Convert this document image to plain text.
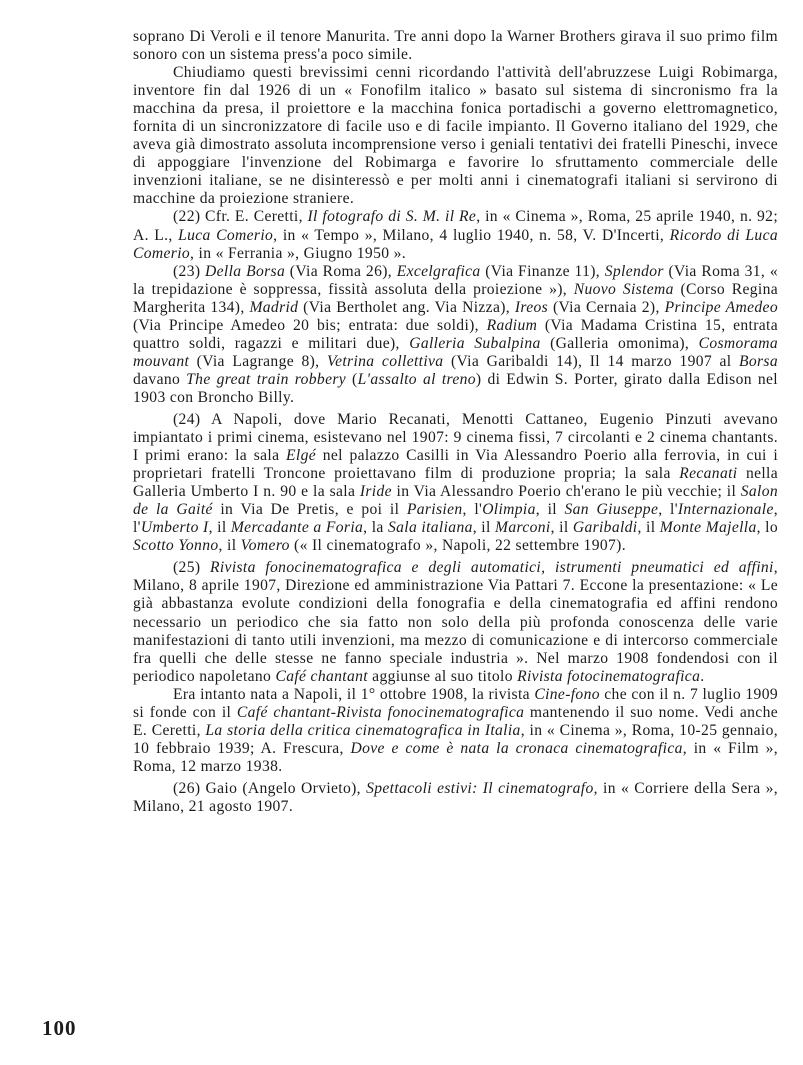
soprano Di Veroli e il tenore Manurita. Tre anni dopo la Warner Brothers girava il suo primo film sonoro con un sistema press'a poco simile.

Chiudiamo questi brevissimi cenni ricordando l'attività dell'abruzzese Luigi Robimarga, inventore fin dal 1926 di un « Fonofilm italico » basato sul sistema di sincronismo fra la macchina da presa, il proiettore e la macchina fonica portadischi a governo elettromagnetico, fornita di un sincronizzatore di facile uso e di facile impianto. Il Governo italiano del 1929, che aveva già dimostrato assoluta incomprensione verso i geniali tentativi dei fratelli Pineschi, invece di appoggiare l'invenzione del Robimarga e favorire lo sfruttamento commerciale delle invenzioni italiane, se ne disinteressò e per molti anni i cinematografi italiani si servirono di macchine da proiezione straniere.

(22) Cfr. E. Ceretti, Il fotografo di S. M. il Re, in « Cinema », Roma, 25 aprile 1940, n. 92; A. L., Luca Comerio, in « Tempo », Milano, 4 luglio 1940, n. 58, V. D'Incerti, Ricordo di Luca Comerio, in « Ferrania », Giugno 1950 ».

(23) Della Borsa (Via Roma 26), Excelgrafica (Via Finanze 11), Splendor (Via Roma 31, « la trepidazione è soppressa, fissità assoluta della proiezione »), Nuovo Sistema (Corso Regina Margherita 134), Madrid (Via Bertholet ang. Via Nizza), Ireos (Via Cernaia 2), Principe Amedeo (Via Principe Amedeo 20 bis; entrata: due soldi), Radium (Via Madama Cristina 15, entrata quattro soldi, ragazzi e militari due), Galleria Subalpina (Galleria omonima), Cosmorama mouvant (Via Lagrange 8), Vetrina collettiva (Via Garibaldi 14), Il 14 marzo 1907 al Borsa davano The great train robbery (L'assalto al treno) di Edwin S. Porter, girato dalla Edison nel 1903 con Broncho Billy.

(24) A Napoli, dove Mario Recanati, Menotti Cattaneo, Eugenio Pinzuti avevano impiantato i primi cinema, esistevano nel 1907: 9 cinema fissi, 7 circolanti e 2 cinema chantants. I primi erano: la sala Elgé nel palazzo Casilli in Via Alessandro Poerio alla ferrovia, in cui i proprietari fratelli Troncone proiettavano film di produzione propria; la sala Recanati nella Galleria Umberto I n. 90 e la sala Iride in Via Alessandro Poerio ch'erano le più vecchie; il Salon de la Gaité in Via De Pretis, e poi il Parisien, l'Olimpia, il San Giuseppe, l'Internazionale, l'Umberto I, il Mercadante a Foria, la Sala italiana, il Marconi, il Garibaldi, il Monte Majella, lo Scotto Yonno, il Vomero (« Il cinematografo », Napoli, 22 settembre 1907).

(25) Rivista fonocinematografica e degli automatici, istrumenti pneumatici ed affini, Milano, 8 aprile 1907, Direzione ed amministrazione Via Pattari 7. Eccone la presentazione: « Le già abbastanza evolute condizioni della fonografia e della cinematografia ed affini rendono necessario un periodico che sia fatto non solo della più profonda conoscenza delle varie manifestazioni di tanto utili invenzioni, ma mezzo di comunicazione e di intercorso commerciale fra quelli che delle stesse ne fanno speciale industria ». Nel marzo 1908 fondendosi con il periodico napoletano Café chantant aggiunse al suo titolo Rivista fotocinematografica.

Era intanto nata a Napoli, il 1° ottobre 1908, la rivista Cine-fono che con il n. 7 luglio 1909 si fonde con il Café chantant-Rivista fonocinematografica mantenendo il suo nome. Vedi anche E. Ceretti, La storia della critica cinematografica in Italia, in « Cinema », Roma, 10-25 gennaio, 10 febbraio 1939; A. Frescura, Dove e come è nata la cronaca cinematografica, in « Film », Roma, 12 marzo 1938.

(26) Gaio (Angelo Orvieto), Spettacoli estivi: Il cinematografo, in « Corriere della Sera », Milano, 21 agosto 1907.

100
